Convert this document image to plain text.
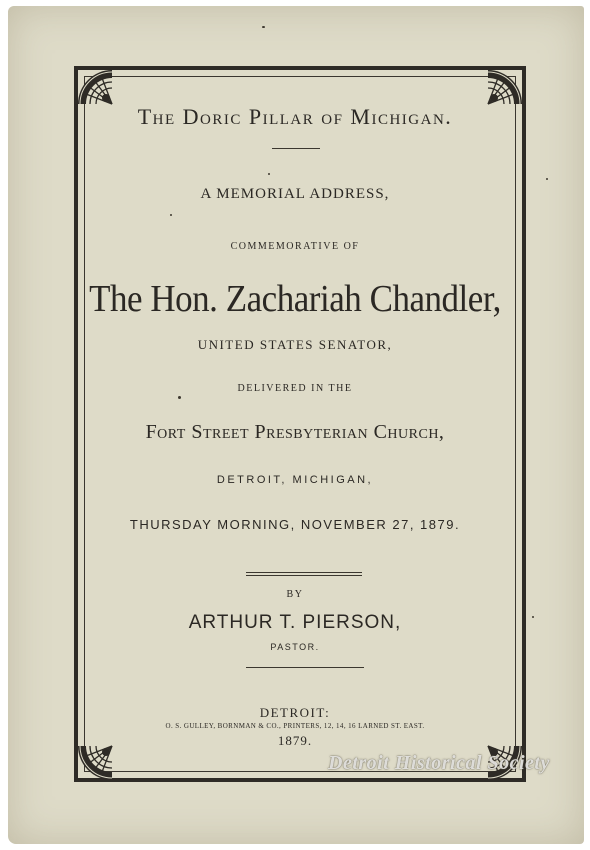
The Doric Pillar of Michigan.
A MEMORIAL ADDRESS,
COMMEMORATIVE OF
The Hon. Zachariah Chandler,
UNITED STATES SENATOR,
DELIVERED IN THE
Fort Street Presbyterian Church,
DETROIT, MICHIGAN,
THURSDAY MORNING, NOVEMBER 27, 1879.
BY
ARTHUR T. PIERSON,
PASTOR.
DETROIT:
O. S. GULLEY, BORNMAN & CO., PRINTERS, 12, 14, 16 LARNED ST. EAST.
1879.
Detroit Historical Society
